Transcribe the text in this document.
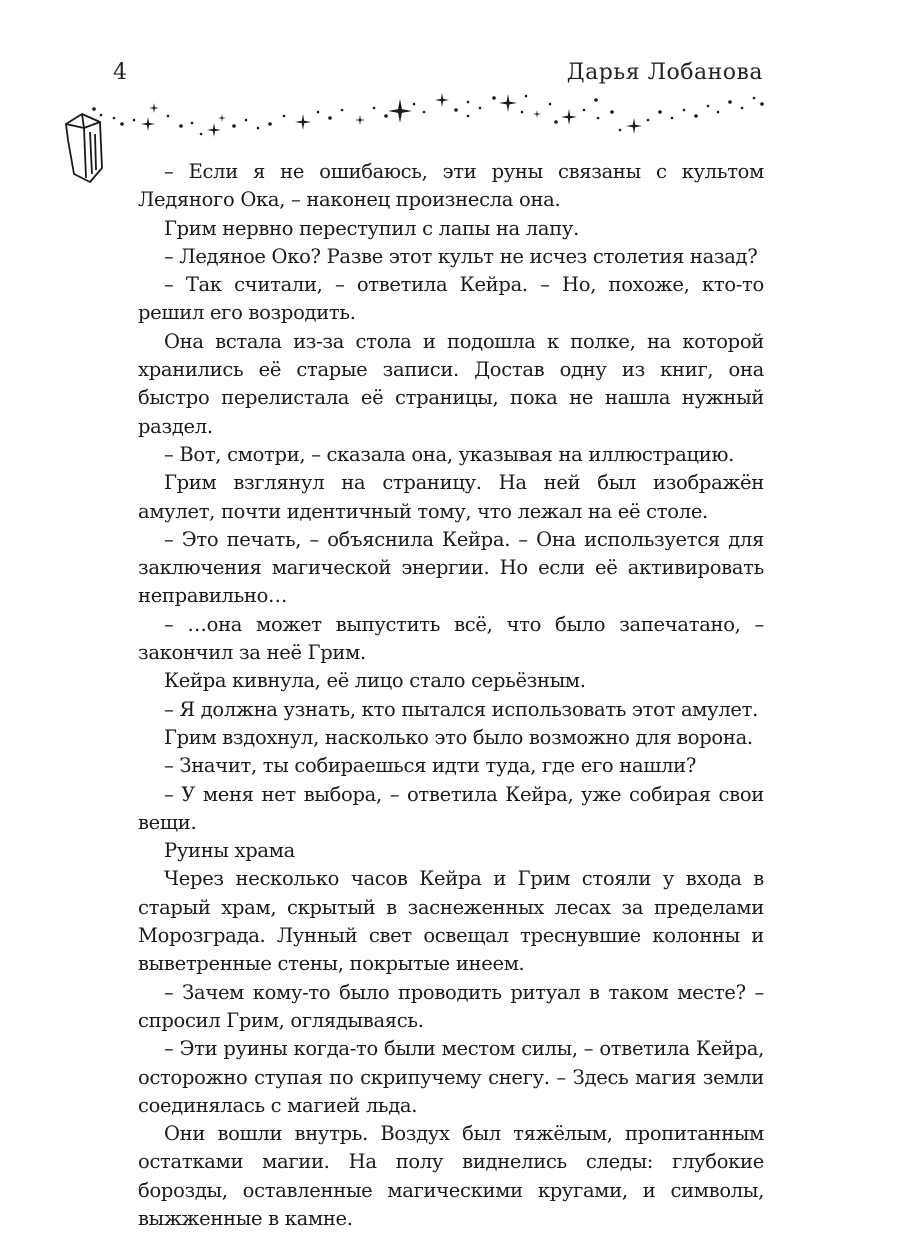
4	Дарья Лобанова

– Если я не ошибаюсь, эти руны связаны с культом Ледяного Ока, – наконец произнесла она.

Грим нервно переступил с лапы на лапу.

– Ледяное Око? Разве этот культ не исчез столетия назад?

– Так считали, – ответила Кейра. – Но, похоже, кто-то решил его возродить.

Она встала из-за стола и подошла к полке, на которой хранились её старые записи. Достав одну из книг, она быстро перелистала её страницы, пока не нашла нужный раздел.

– Вот, смотри, – сказала она, указывая на иллюстрацию.

Грим взглянул на страницу. На ней был изображён амулет, почти идентичный тому, что лежал на её столе.

– Это печать, – объяснила Кейра. – Она используется для заключения магической энергии. Но если её активировать неправильно…

– …она может выпустить всё, что было запечатано, – закончил за неё Грим.

Кейра кивнула, её лицо стало серьёзным.

– Я должна узнать, кто пытался использовать этот амулет.

Грим вздохнул, насколько это было возможно для ворона.

– Значит, ты собираешься идти туда, где его нашли?

– У меня нет выбора, – ответила Кейра, уже собирая свои вещи.

Руины храма

Через несколько часов Кейра и Грим стояли у входа в старый храм, скрытый в заснеженных лесах за пределами Морозграда. Лунный свет освещал треснувшие колонны и выветренные стены, покрытые инеем.

– Зачем кому-то было проводить ритуал в таком месте? – спросил Грим, оглядываясь.

– Эти руины когда-то были местом силы, – ответила Кейра, осторожно ступая по скрипучему снегу. – Здесь магия земли соединялась с магией льда.

Они вошли внутрь. Воздух был тяжёлым, пропитанным остатками магии. На полу виднелись следы: глубокие борозды, оставленные магическими кругами, и символы, выжженные в камне.
